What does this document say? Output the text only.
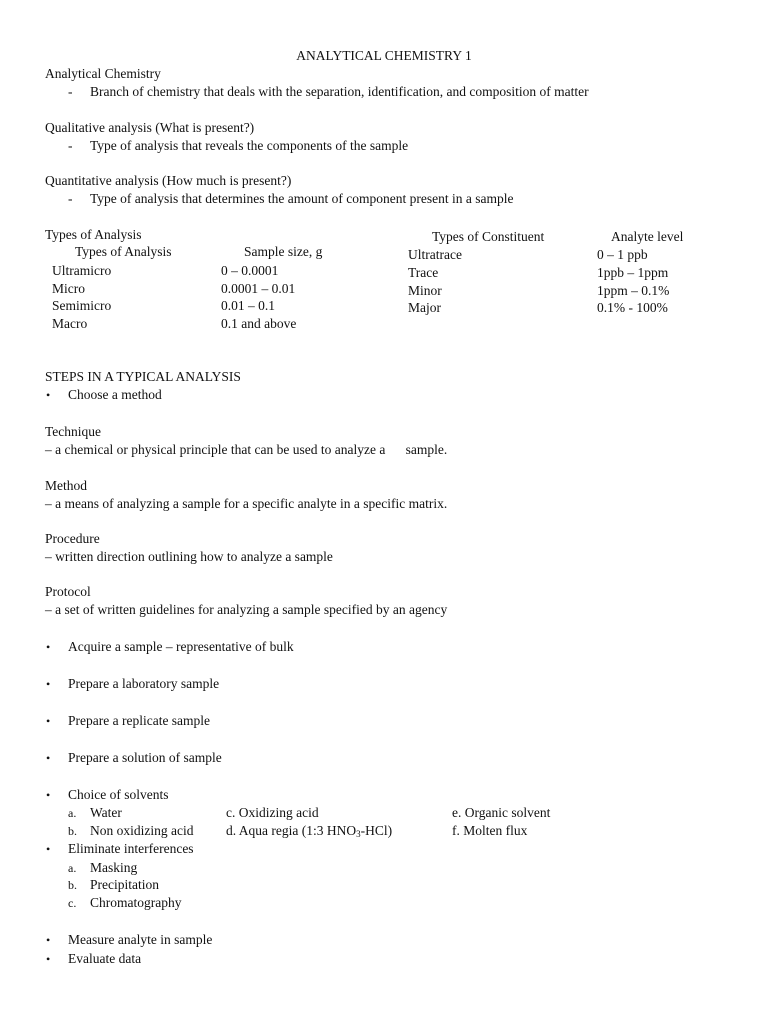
ANALYTICAL CHEMISTRY 1
Analytical Chemistry
- Branch of chemistry that deals with the separation, identification, and composition of matter
Qualitative analysis (What is present?)
- Type of analysis that reveals the components of the sample
Quantitative analysis (How much is present?)
- Type of analysis that determines the amount of component present in a sample
Types of Analysis
Types of Analysis	Sample size, g
Ultramicro	0 – 0.0001
Micro	0.0001 – 0.01
Semimicro	0.01 – 0.1
Macro	0.1 and above
Types of Constituent	Analyte level
Ultratrace	0 – 1 ppb
Trace	1ppb – 1ppm
Minor	1ppm – 0.1%
Major	0.1% - 100%
STEPS IN A TYPICAL ANALYSIS
• Choose a method
Technique
– a chemical or physical principle that can be used to analyze a      sample.
Method
– a means of analyzing a sample for a specific analyte in a specific matrix.
Procedure
– written direction outlining how to analyze a sample
Protocol
– a set of written guidelines for analyzing a sample specified by an agency
• Acquire a sample – representative of bulk
• Prepare a laboratory sample
• Prepare a replicate sample
• Prepare a solution of sample
• Choice of solvents
a. Water	c. Oxidizing acid	e. Organic solvent
b. Non oxidizing acid d. Aqua regia (1:3 $HNO_3-HCl$)	f. Molten flux
• Eliminate interferences
a. Masking
b. Precipitation
c. Chromatography
• Measure analyte in sample
• Evaluate data
